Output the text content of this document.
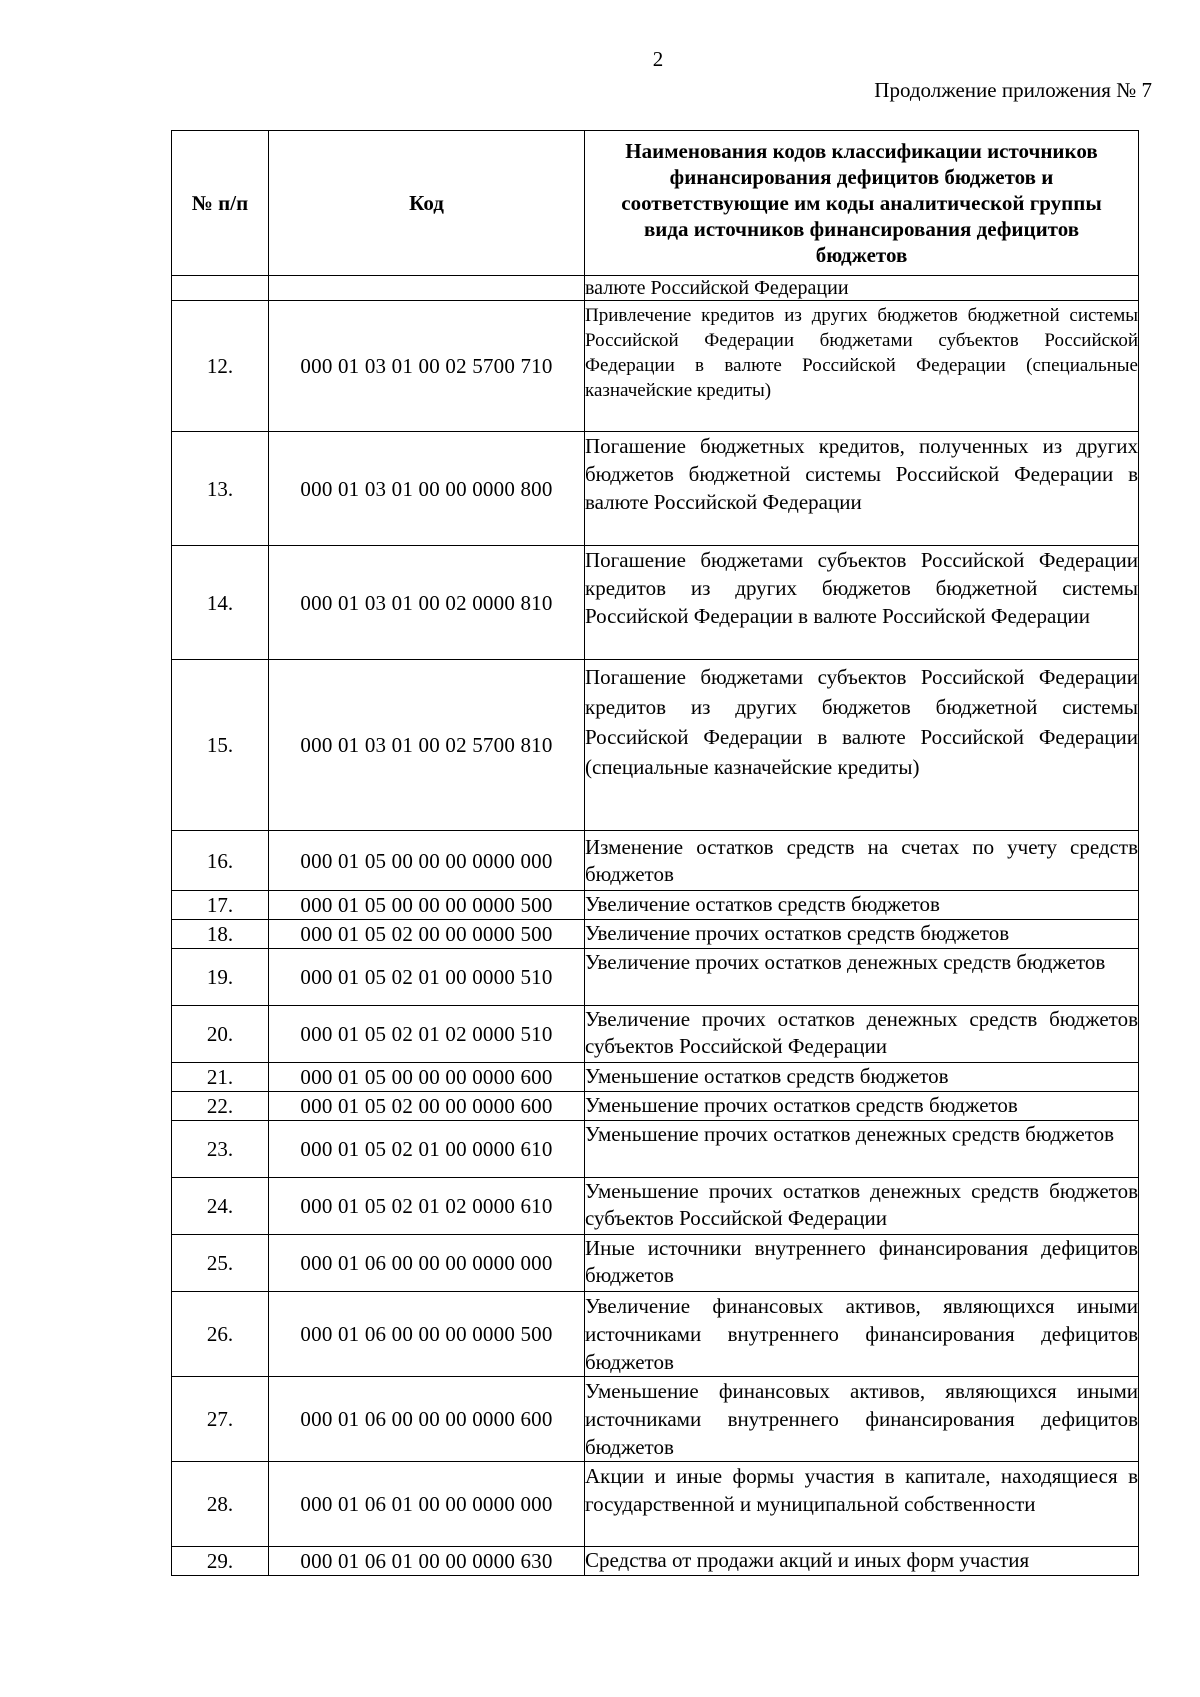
2
Продолжение приложения № 7
№ п/п	Код	Наименования кодов классификации источников финансирования дефицитов бюджетов и соответствующие им коды аналитической группы вида источников финансирования дефицитов бюджетов
		валюте Российской Федерации
12.	000 01 03 01 00 02 5700 710	Привлечение кредитов из других бюджетов бюджетной системы Российской Федерации бюджетами субъектов Российской Федерации в валюте Российской Федерации (специальные казначейские кредиты)
13.	000 01 03 01 00 00 0000 800	Погашение бюджетных кредитов, полученных из других бюджетов бюджетной системы Российской Федерации в валюте Российской Федерации
14.	000 01 03 01 00 02 0000 810	Погашение бюджетами субъектов Российской Федерации кредитов из других бюджетов бюджетной системы Российской Федерации в валюте Российской Федерации
15.	000 01 03 01 00 02 5700 810	Погашение бюджетами субъектов Российской Федерации кредитов из других бюджетов бюджетной системы Российской Федерации в валюте Российской Федерации (специальные казначейские кредиты)
16.	000 01 05 00 00 00 0000 000	Изменение остатков средств на счетах по учету средств бюджетов
17.	000 01 05 00 00 00 0000 500	Увеличение остатков средств бюджетов
18.	000 01 05 02 00 00 0000 500	Увеличение прочих остатков средств бюджетов
19.	000 01 05 02 01 00 0000 510	Увеличение прочих остатков денежных средств бюджетов
20.	000 01 05 02 01 02 0000 510	Увеличение прочих остатков денежных средств бюджетов субъектов Российской Федерации
21.	000 01 05 00 00 00 0000 600	Уменьшение остатков средств бюджетов
22.	000 01 05 02 00 00 0000 600	Уменьшение прочих остатков средств бюджетов
23.	000 01 05 02 01 00 0000 610	Уменьшение прочих остатков денежных средств бюджетов
24.	000 01 05 02 01 02 0000 610	Уменьшение прочих остатков денежных средств бюджетов субъектов Российской Федерации
25.	000 01 06 00 00 00 0000 000	Иные источники внутреннего финансирования дефицитов бюджетов
26.	000 01 06 00 00 00 0000 500	Увеличение финансовых активов, являющихся иными источниками внутреннего финансирования дефицитов бюджетов
27.	000 01 06 00 00 00 0000 600	Уменьшение финансовых активов, являющихся иными источниками внутреннего финансирования дефицитов бюджетов
28.	000 01 06 01 00 00 0000 000	Акции и иные формы участия в капитале, находящиеся в государственной и муниципальной собственности
29.	000 01 06 01 00 00 0000 630	Средства от продажи акций и иных форм участия
